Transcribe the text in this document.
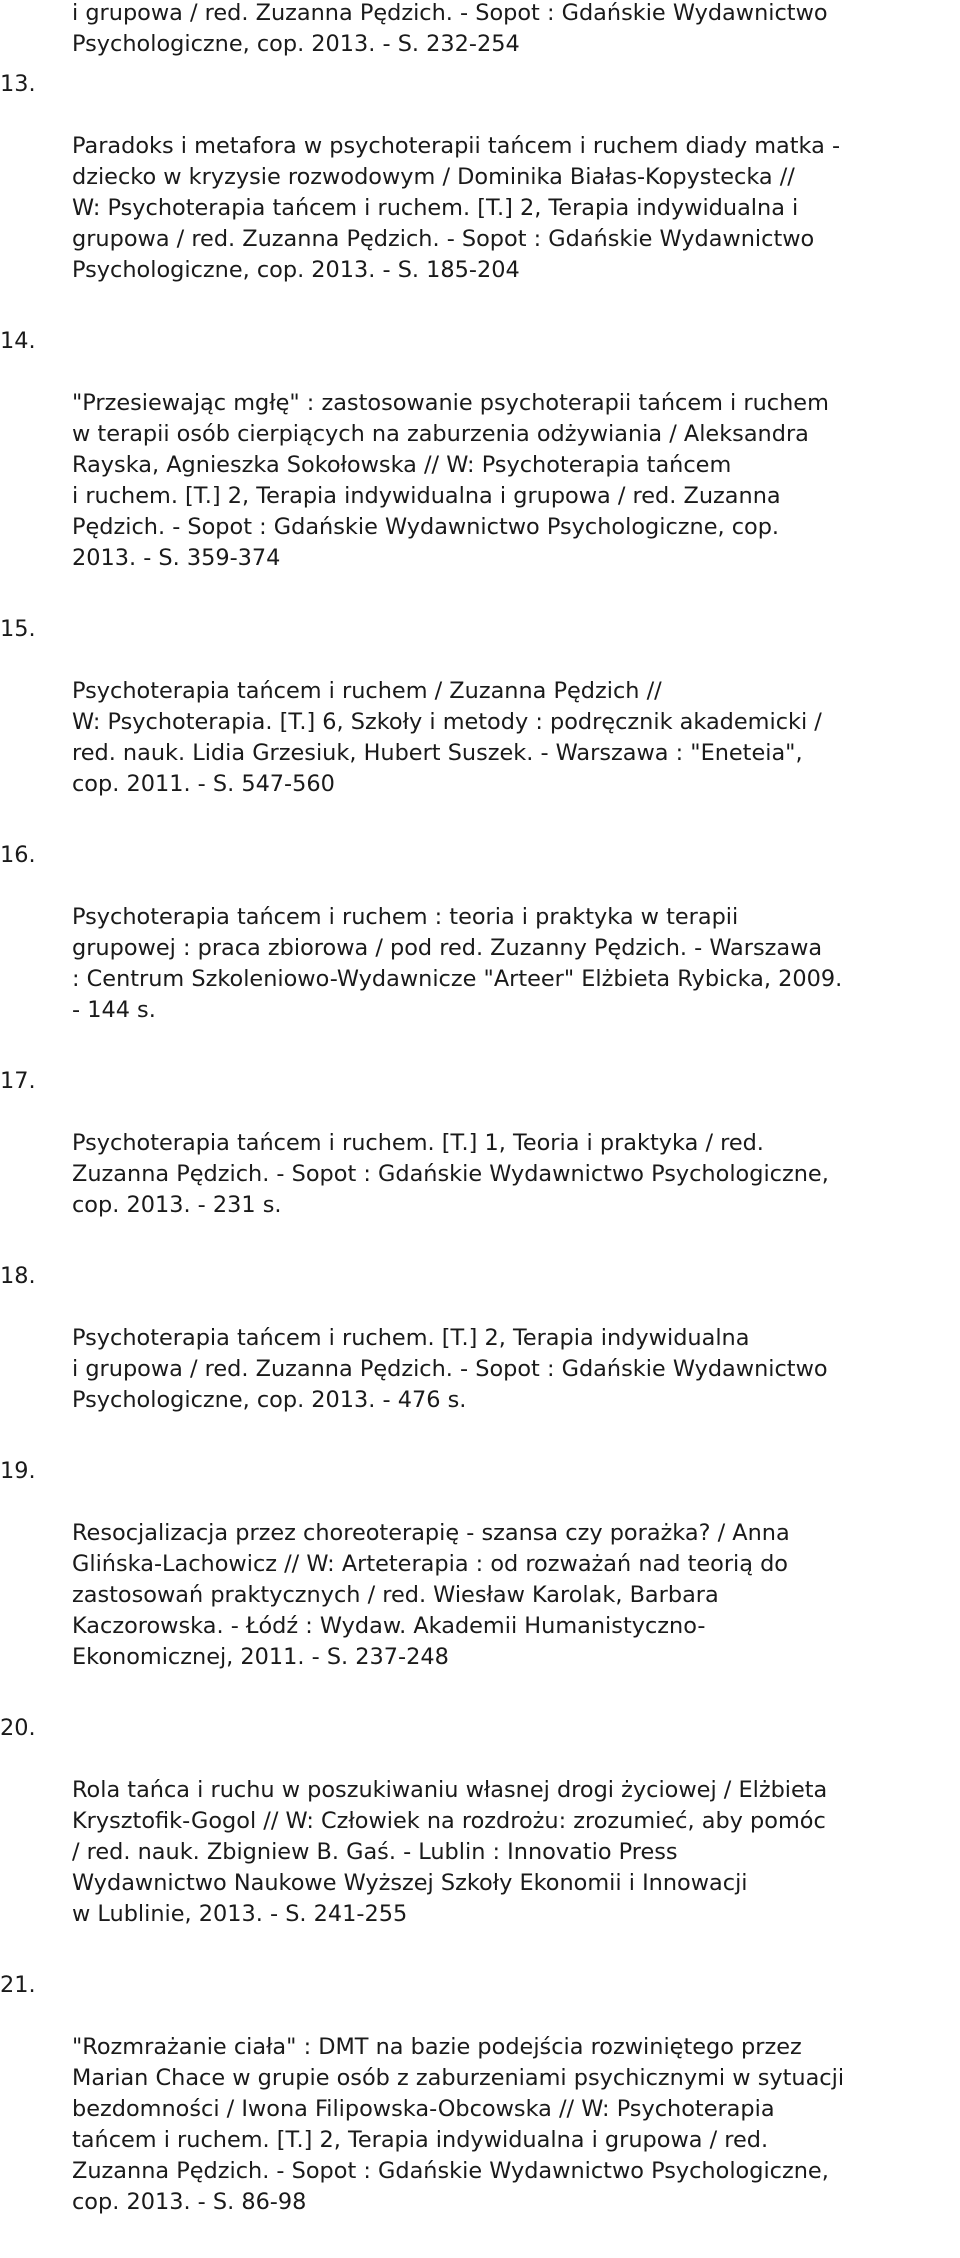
i grupowa / red. Zuzanna Pędzich. - Sopot : Gdańskie Wydawnictwo
Psychologiczne, cop. 2013. - S. 232-254

13.

Paradoks i metafora w psychoterapii tańcem i ruchem diady matka -
dziecko w kryzysie rozwodowym / Dominika Białas-Kopystecka //
W: Psychoterapia tańcem i ruchem. [T.] 2, Terapia indywidualna i
grupowa / red. Zuzanna Pędzich. - Sopot : Gdańskie Wydawnictwo
Psychologiczne, cop. 2013. - S. 185-204

14.

"Przesiewając mgłę" : zastosowanie psychoterapii tańcem i ruchem
w terapii osób cierpiących na zaburzenia odżywiania / Aleksandra
Rayska, Agnieszka Sokołowska // W: Psychoterapia tańcem
i ruchem. [T.] 2, Terapia indywidualna i grupowa / red. Zuzanna
Pędzich. - Sopot : Gdańskie Wydawnictwo Psychologiczne, cop.
2013. - S. 359-374

15.

Psychoterapia tańcem i ruchem / Zuzanna Pędzich //
W: Psychoterapia. [T.] 6, Szkoły i metody : podręcznik akademicki /
red. nauk. Lidia Grzesiuk, Hubert Suszek. - Warszawa : "Eneteia",
cop. 2011. - S. 547-560

16.

Psychoterapia tańcem i ruchem : teoria i praktyka w terapii
grupowej : praca zbiorowa / pod red. Zuzanny Pędzich. - Warszawa
: Centrum Szkoleniowo-Wydawnicze "Arteer" Elżbieta Rybicka, 2009.
- 144 s.

17.

Psychoterapia tańcem i ruchem. [T.] 1, Teoria i praktyka / red.
Zuzanna Pędzich. - Sopot : Gdańskie Wydawnictwo Psychologiczne,
cop. 2013. - 231 s.

18.

Psychoterapia tańcem i ruchem. [T.] 2, Terapia indywidualna
i grupowa / red. Zuzanna Pędzich. - Sopot : Gdańskie Wydawnictwo
Psychologiczne, cop. 2013. - 476 s.

19.

Resocjalizacja przez choreoterapię - szansa czy porażka? / Anna
Glińska-Lachowicz // W: Arteterapia : od rozważań nad teorią do
zastosowań praktycznych / red. Wiesław Karolak, Barbara
Kaczorowska. - Łódź : Wydaw. Akademii Humanistyczno-
Ekonomicznej, 2011. - S. 237-248

20.

Rola tańca i ruchu w poszukiwaniu własnej drogi życiowej / Elżbieta
Krysztofik-Gogol // W: Człowiek na rozdrożu: zrozumieć, aby pomóc
/ red. nauk. Zbigniew B. Gaś. - Lublin : Innovatio Press
Wydawnictwo Naukowe Wyższej Szkoły Ekonomii i Innowacji
w Lublinie, 2013. - S. 241-255

21.

"Rozmrażanie ciała" : DMT na bazie podejścia rozwiniętego przez
Marian Chace w grupie osób z zaburzeniami psychicznymi w sytuacji
bezdomności / Iwona Filipowska-Obcowska // W: Psychoterapia
tańcem i ruchem. [T.] 2, Terapia indywidualna i grupowa / red.
Zuzanna Pędzich. - Sopot : Gdańskie Wydawnictwo Psychologiczne,
cop. 2013. - S. 86-98
